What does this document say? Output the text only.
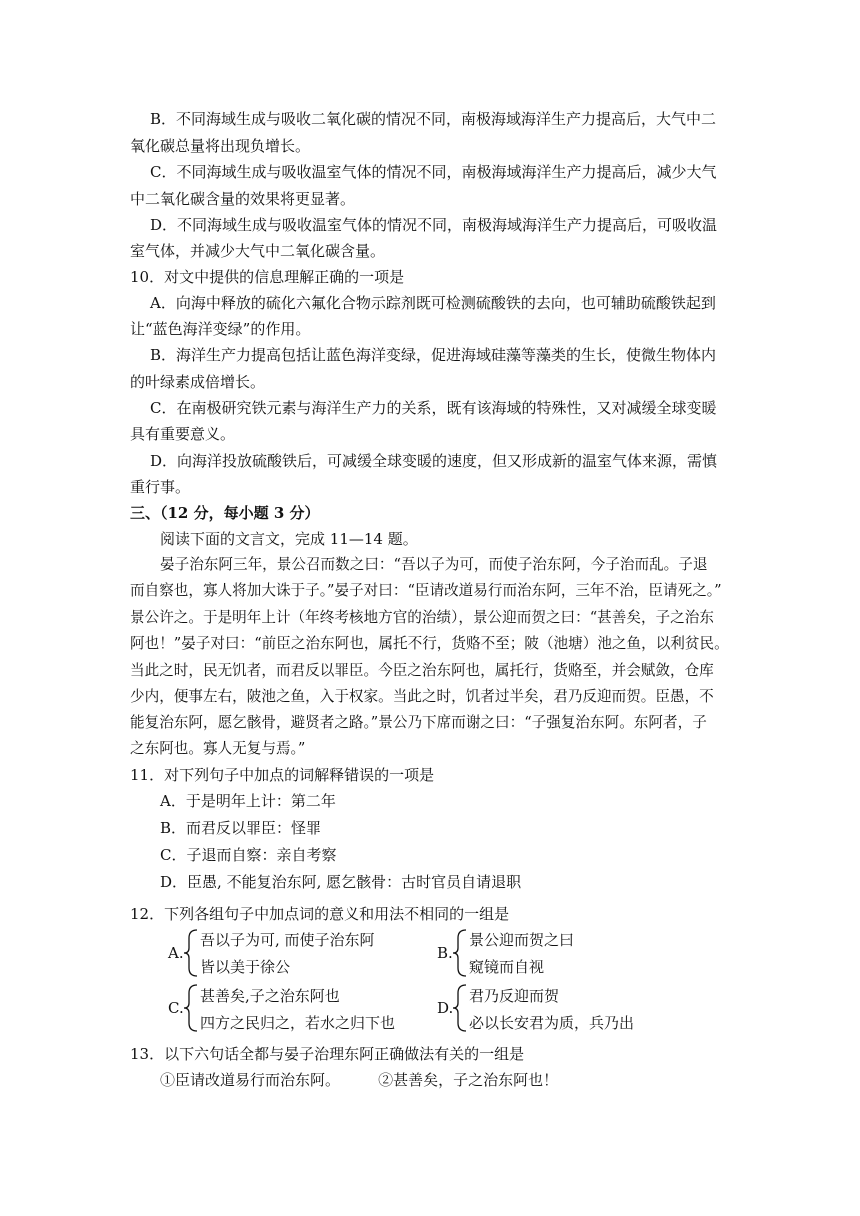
B．不同海域生成与吸收二氧化碳的情况不同，南极海域海洋生产力提高后，大气中二
氧化碳总量将出现负增长。
C．不同海域生成与吸收温室气体的情况不同，南极海域海洋生产力提高后，减少大气
中二氧化碳含量的效果将更显著。
D．不同海域生成与吸收温室气体的情况不同，南极海域海洋生产力提高后，可吸收温
室气体，并减少大气中二氧化碳含量。
10．对文中提供的信息理解正确的一项是
A．向海中释放的硫化六氟化合物示踪剂既可检测硫酸铁的去向，也可辅助硫酸铁起到
让“蓝色海洋变绿”的作用。
B．海洋生产力提高包括让蓝色海洋变绿，促进海域硅藻等藻类的生长，使微生物体内
的叶绿素成倍增长。
C．在南极研究铁元素与海洋生产力的关系，既有该海域的特殊性，又对减缓全球变暖
具有重要意义。
D．向海洋投放硫酸铁后，可减缓全球变暖的速度，但又形成新的温室气体来源，需慎
重行事。
三、（12 分，每小题 3 分）
阅读下面的文言文，完成 11—14 题。
晏子治东阿三年，景公召而数之曰：“吾以子为可，而使子治东阿，今子治而乱。子退
而自察也，寡人将加大诛于子。”晏子对曰：“臣请改道易行而治东阿，三年不治，臣请死之。”
景公许之。于是明年上计（年终考核地方官的治绩），景公迎而贺之曰：“甚善矣，子之治东
阿也！”晏子对曰：“前臣之治东阿也，属托不行，货赂不至；陂（池塘）池之鱼，以利贫民。
当此之时，民无饥者，而君反以罪臣。今臣之治东阿也，属托行，货赂至，并会赋敛，仓库
少内，便事左右，陂池之鱼，入于权家。当此之时，饥者过半矣，君乃反迎而贺。臣愚，不
能复治东阿，愿乞骸骨，避贤者之路。”景公乃下席而谢之曰：“子强复治东阿。东阿者，子
之东阿也。寡人无复与焉。”
11．对下列句子中加点的词解释错误的一项是
A．于是明年上计：第二年
B．而君反以罪臣：怪罪
C．子退而自察：亲自考察
D．臣愚, 不能复治东阿, 愿乞骸骨：古时官员自请退职
12．下列各组句子中加点词的意义和用法不相同的一组是
A.
吾以子为可, 而使子治东阿
皆以美于徐公
B.
景公迎而贺之曰
窥镜而自视
C.
甚善矣,子之治东阿也
四方之民归之，若水之归下也
D.
君乃反迎而贺
必以长安君为质，兵乃出
13．以下六句话全都与晏子治理东阿正确做法有关的一组是
①臣请改道易行而治东阿。        ②甚善矣，子之治东阿也！
